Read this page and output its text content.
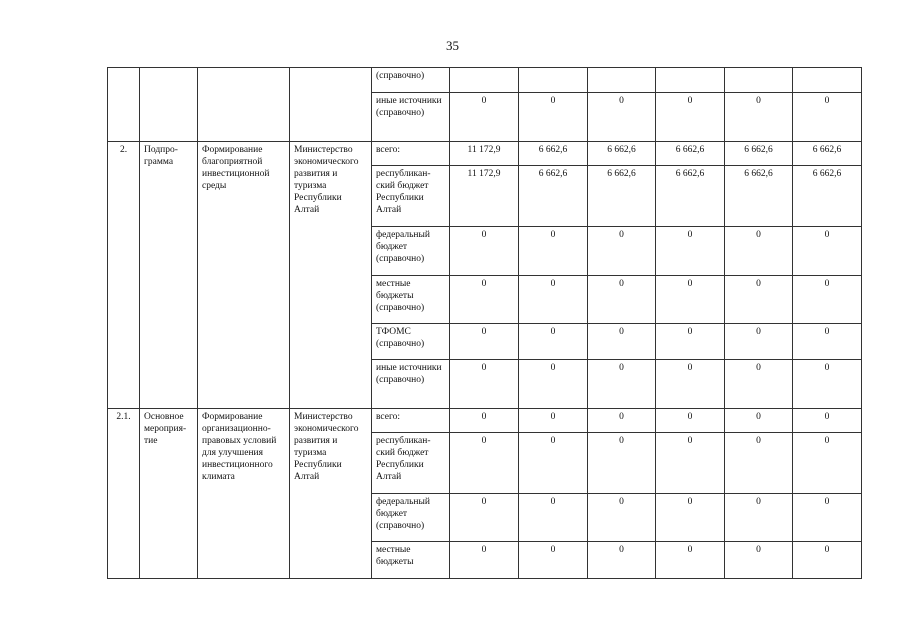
35
				(справочно)						
				иные источники (справочно)	0	0	0	0	0	0
2.	Подпро-грамма	Формирование благоприятной инвестиционной среды	Министерство экономического развития и туризма Республики Алтай	всего:	11 172,9	6 662,6	6 662,6	6 662,6	6 662,6	6 662,6
				республикан-ский бюджет Республики Алтай	11 172,9	6 662,6	6 662,6	6 662,6	6 662,6	6 662,6
				федеральный бюджет (справочно)	0	0	0	0	0	0
				местные бюджеты (справочно)	0	0	0	0	0	0
				ТФОМС (справочно)	0	0	0	0	0	0
				иные источники (справочно)	0	0	0	0	0	0
2.1.	Основное мероприя-тие	Формирование организационно-правовых условий для улучшения инвестиционного климата	Министерство экономического развития и туризма Республики Алтай	всего:	0	0	0	0	0	0
				республикан-ский бюджет Республики Алтай	0	0	0	0	0	0
				федеральный бюджет (справочно)	0	0	0	0	0	0
				местные бюджеты	0	0	0	0	0	0
